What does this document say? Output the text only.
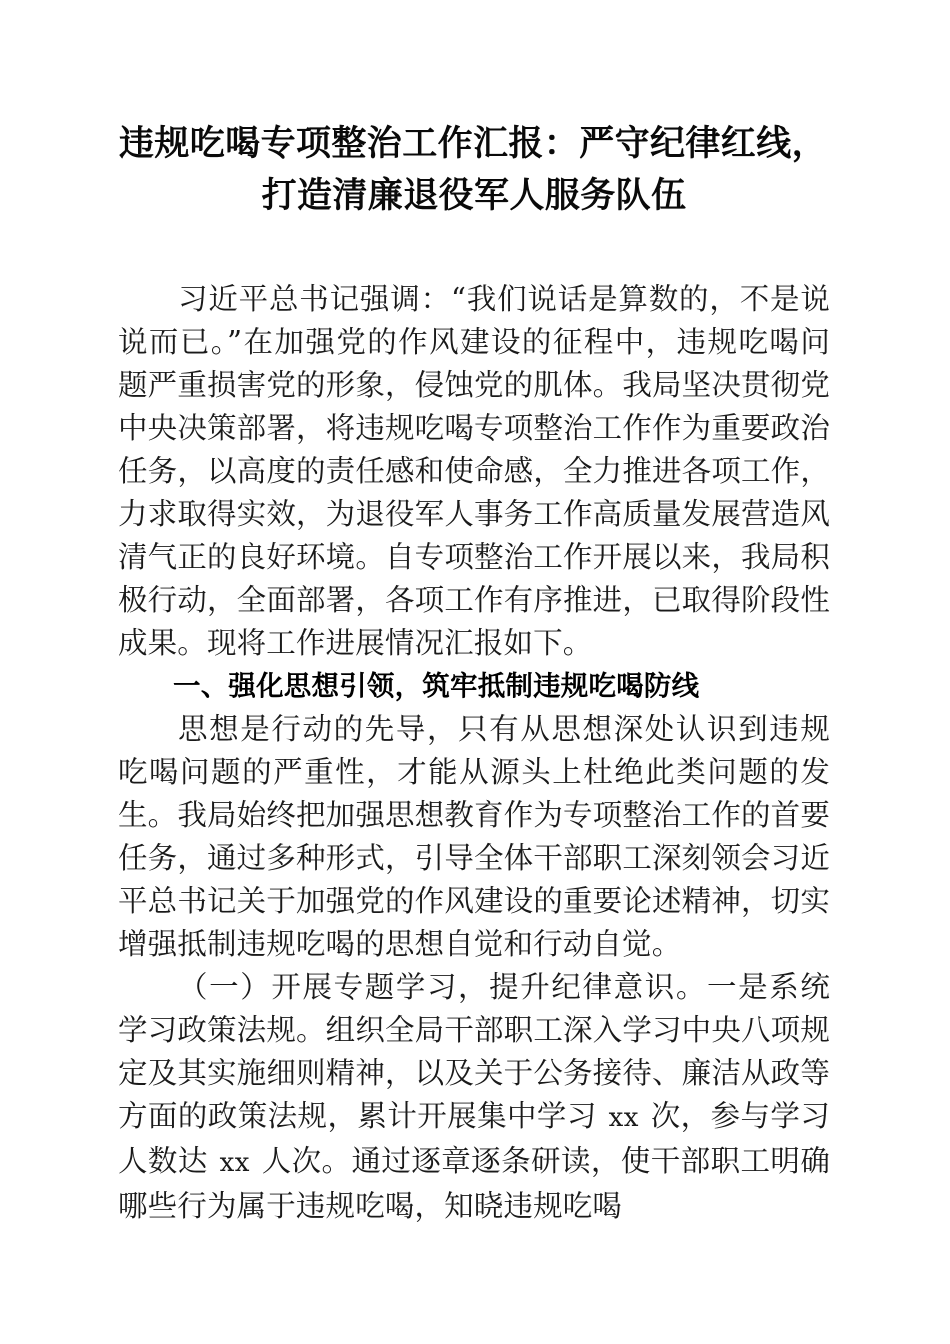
违规吃喝专项整治工作汇报：严守纪律红线，
打造清廉退役军人服务队伍

习近平总书记强调：“我们说话是算数的，不是说说而已。”在加强党的作风建设的征程中，违规吃喝问题严重损害党的形象，侵蚀党的肌体。我局坚决贯彻党中央决策部署，将违规吃喝专项整治工作作为重要政治任务，以高度的责任感和使命感，全力推进各项工作，力求取得实效，为退役军人事务工作高质量发展营造风清气正的良好环境。自专项整治工作开展以来，我局积极行动，全面部署，各项工作有序推进，已取得阶段性成果。现将工作进展情况汇报如下。

一、强化思想引领，筑牢抵制违规吃喝防线

思想是行动的先导，只有从思想深处认识到违规吃喝问题的严重性，才能从源头上杜绝此类问题的发生。我局始终把加强思想教育作为专项整治工作的首要任务，通过多种形式，引导全体干部职工深刻领会习近平总书记关于加强党的作风建设的重要论述精神，切实增强抵制违规吃喝的思想自觉和行动自觉。

（一）开展专题学习，提升纪律意识。一是系统学习政策法规。组织全局干部职工深入学习中央八项规定及其实施细则精神，以及关于公务接待、廉洁从政等方面的政策法规，累计开展集中学习 xx 次，参与学习人数达 xx 人次。通过逐章逐条研读，使干部职工明确哪些行为属于违规吃喝，知晓违规吃喝
